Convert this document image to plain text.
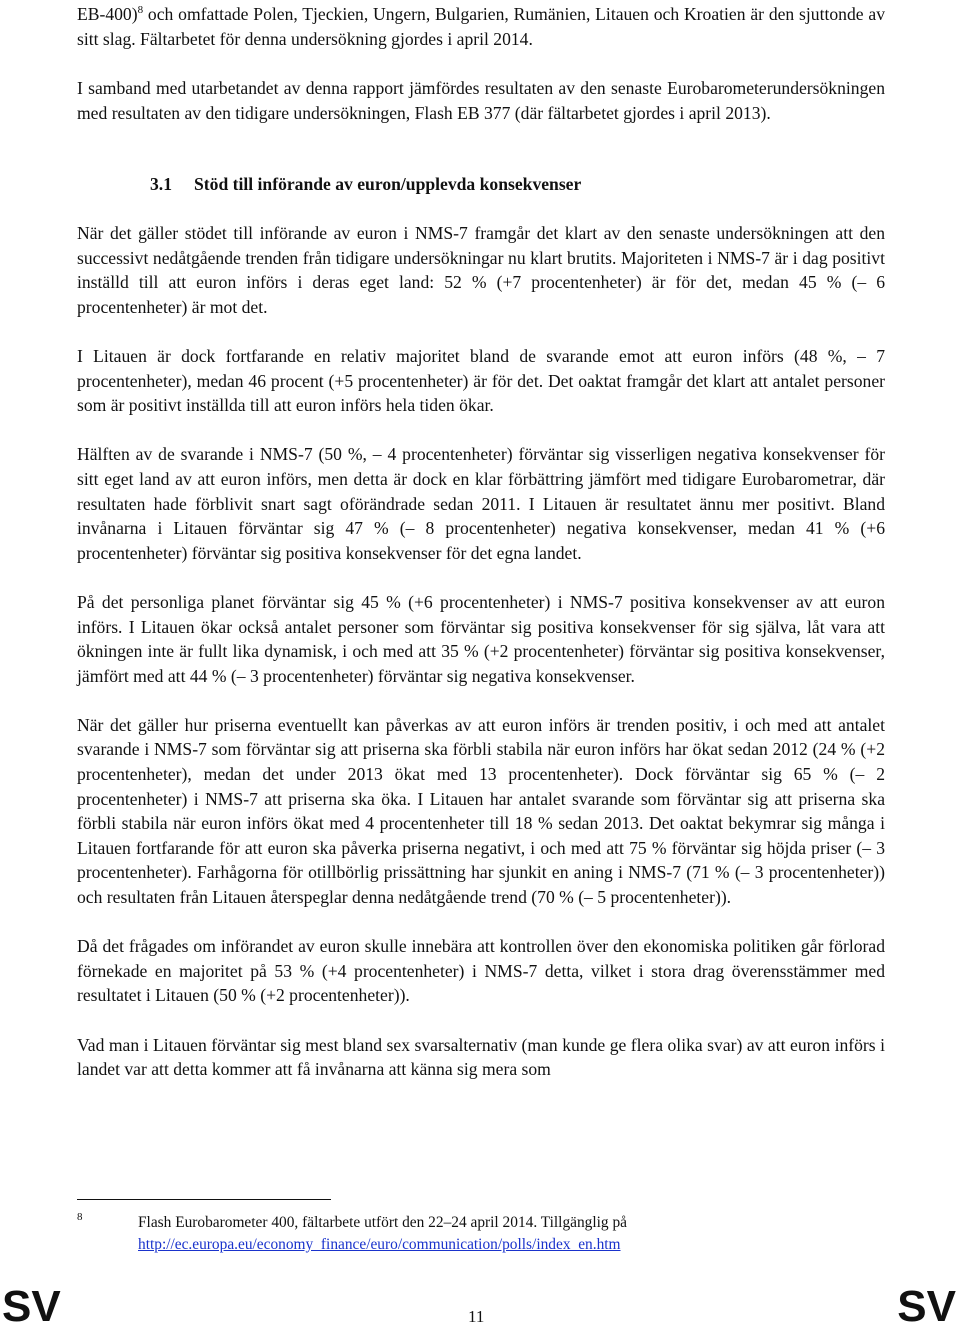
EB-400)$^8$ och omfattade Polen, Tjeckien, Ungern, Bulgarien, Rumänien, Litauen och Kroatien är den sjuttonde av sitt slag. Fältarbetet för denna undersökning gjordes i april 2014.

I samband med utarbetandet av denna rapport jämfördes resultaten av den senaste Eurobarometerundersökningen med resultaten av den tidigare undersökningen, Flash EB 377 (där fältarbetet gjordes i april 2013).

3.1 Stöd till införande av euron/upplevda konsekvenser

När det gäller stödet till införande av euron i NMS-7 framgår det klart av den senaste undersökningen att den successivt nedåtgående trenden från tidigare undersökningar nu klart brutits. Majoriteten i NMS-7 är i dag positivt inställd till att euron införs i deras eget land: 52 % (+7 procentenheter) är för det, medan 45 % (‒ 6 procentenheter) är mot det.

I Litauen är dock fortfarande en relativ majoritet bland de svarande emot att euron införs (48 %, ‒ 7 procentenheter), medan 46 procent (+5 procentenheter) är för det. Det oaktat framgår det klart att antalet personer som är positivt inställda till att euron införs hela tiden ökar.

Hälften av de svarande i NMS-7 (50 %, ‒ 4 procentenheter) förväntar sig visserligen negativa konsekvenser för sitt eget land av att euron införs, men detta är dock en klar förbättring jämfört med tidigare Eurobarometrar, där resultaten hade förblivit snart sagt oförändrade sedan 2011. I Litauen är resultatet ännu mer positivt. Bland invånarna i Litauen förväntar sig 47 % (‒ 8 procentenheter) negativa konsekvenser, medan 41 % (+6 procentenheter) förväntar sig positiva konsekvenser för det egna landet.

På det personliga planet förväntar sig 45 % (+6 procentenheter) i NMS-7 positiva konsekvenser av att euron införs. I Litauen ökar också antalet personer som förväntar sig positiva konsekvenser för sig själva, låt vara att ökningen inte är fullt lika dynamisk, i och med att 35 % (+2 procentenheter) förväntar sig positiva konsekvenser, jämfört med att 44 % (‒ 3 procentenheter) förväntar sig negativa konsekvenser.

När det gäller hur priserna eventuellt kan påverkas av att euron införs är trenden positiv, i och med att antalet svarande i NMS-7 som förväntar sig att priserna ska förbli stabila när euron införs har ökat sedan 2012 (24 % (+2 procentenheter), medan det under 2013 ökat med 13 procentenheter). Dock förväntar sig 65 % (‒ 2 procentenheter) i NMS-7 att priserna ska öka. I Litauen har antalet svarande som förväntar sig att priserna ska förbli stabila när euron införs ökat med 4 procentenheter till 18 % sedan 2013. Det oaktat bekymrar sig många i Litauen fortfarande för att euron ska påverka priserna negativt, i och med att 75 % förväntar sig höjda priser (‒ 3 procentenheter). Farhågorna för otillbörlig prissättning har sjunkit en aning i NMS-7 (71 % (‒ 3 procentenheter)) och resultaten från Litauen återspeglar denna nedåtgående trend (70 % (‒ 5 procentenheter)).

Då det frågades om införandet av euron skulle innebära att kontrollen över den ekonomiska politiken går förlorad förnekade en majoritet på 53 % (+4 procentenheter) i NMS-7 detta, vilket i stora drag överensstämmer med resultatet i Litauen (50 % (+2 procentenheter)).

Vad man i Litauen förväntar sig mest bland sex svarsalternativ (man kunde ge flera olika svar) av att euron införs i landet var att detta kommer att få invånarna att känna sig mera som

8	Flash Eurobarometer 400, fältarbete utfört den 22‒24 april 2014. Tillgänglig på
http://ec.europa.eu/economy_finance/euro/communication/polls/index_en.htm
SV	11	SV
